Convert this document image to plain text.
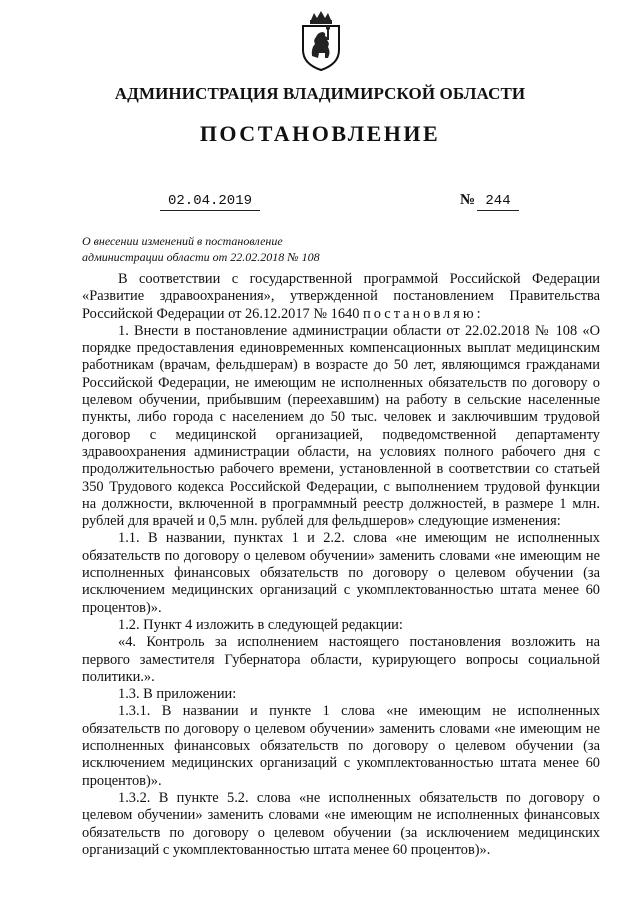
АДМИНИСТРАЦИЯ ВЛАДИМИРСКОЙ ОБЛАСТИ
ПОСТАНОВЛЕНИЕ
02.04.2019	№ 244
О внесении изменений в постановление
администрации области от 22.02.2018 № 108

В соответствии с государственной программой Российской Федерации «Развитие здравоохранения», утвержденной постановлением Правительства Российской Федерации от 26.12.2017 № 1640 постановляю:

1. Внести в постановление администрации области от 22.02.2018 № 108 «О порядке предоставления единовременных компенсационных выплат медицинским работникам (врачам, фельдшерам) в возрасте до 50 лет, являющимся гражданами Российской Федерации, не имеющим не исполненных обязательств по договору о целевом обучении, прибывшим (переехавшим) на работу в сельские населенные пункты, либо города с населением до 50 тыс. человек и заключившим трудовой договор с медицинской организацией, подведомственной департаменту здравоохранения администрации области, на условиях полного рабочего дня с продолжительностью рабочего времени, установленной в соответствии со статьей 350 Трудового кодекса Российской Федерации, с выполнением трудовой функции на должности, включенной в программный реестр должностей, в размере 1 млн. рублей для врачей и 0,5 млн. рублей для фельдшеров» следующие изменения:

1.1. В названии, пунктах 1 и 2.2. слова «не имеющим не исполненных обязательств по договору о целевом обучении» заменить словами «не имеющим не исполненных финансовых обязательств по договору о целевом обучении (за исключением медицинских организаций с укомплектованностью штата менее 60 процентов)».

1.2. Пункт 4 изложить в следующей редакции:

«4. Контроль за исполнением настоящего постановления возложить на первого заместителя Губернатора области, курирующего вопросы социальной политики.».

1.3. В приложении:

1.3.1. В названии и пункте 1 слова «не имеющим не исполненных обязательств по договору о целевом обучении» заменить словами «не имеющим не исполненных финансовых обязательств по договору о целевом обучении (за исключением медицинских организаций с укомплектованностью штата менее 60 процентов)».

1.3.2. В пункте 5.2. слова «не исполненных обязательств по договору о целевом обучении» заменить словами «не имеющим не исполненных финансовых обязательств по договору о целевом обучении (за исключением медицинских организаций с укомплектованностью штата менее 60 процентов)».
